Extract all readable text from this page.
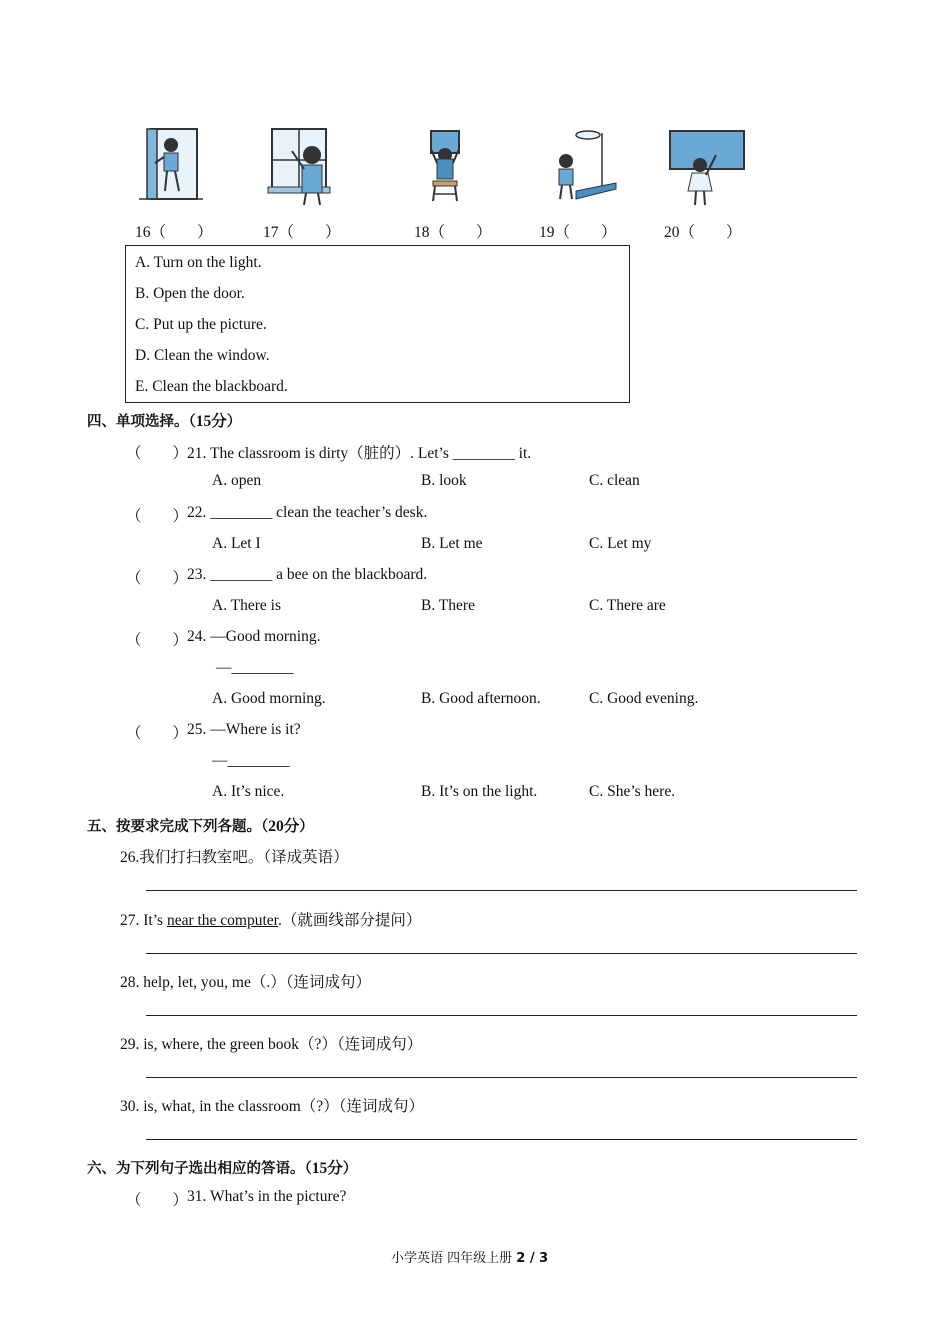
16（　　）	17（　　）	18（　　）	19（　　）	20（　　）
A. Turn on the light.
B. Open the door.
C. Put up the picture.
D. Clean the window.
E. Clean the blackboard.
四、单项选择。（15分）
（　　）
21. The classroom is dirty（脏的）. Let’s ________ it.
A. open	B. look	C. clean
（　　）
22. ________ clean the teacher’s desk.
A. Let I	B. Let me	C. Let my
（　　）
23. ________ a bee on the blackboard.
A. There is	B. There	C. There are
（　　）
24. —Good morning.
—________
A. Good morning.	B. Good afternoon.	C. Good evening.
（　　）
25. —Where is it?
—________
A. It’s nice.	B. It’s on the light.	C. She’s here.
五、按要求完成下列各题。（20分）
26.我们打扫教室吧。（译成英语）
27. It’s near the computer.（就画线部分提问）
28. help, let, you, me（.）（连词成句）
29. is, where, the green book（?）（连词成句）
30. is, what, in the classroom（?）（连词成句）
六、为下列句子选出相应的答语。（15分）
（　　）
31. What’s in the picture?
小学英语 四年级上册 2 / 3
